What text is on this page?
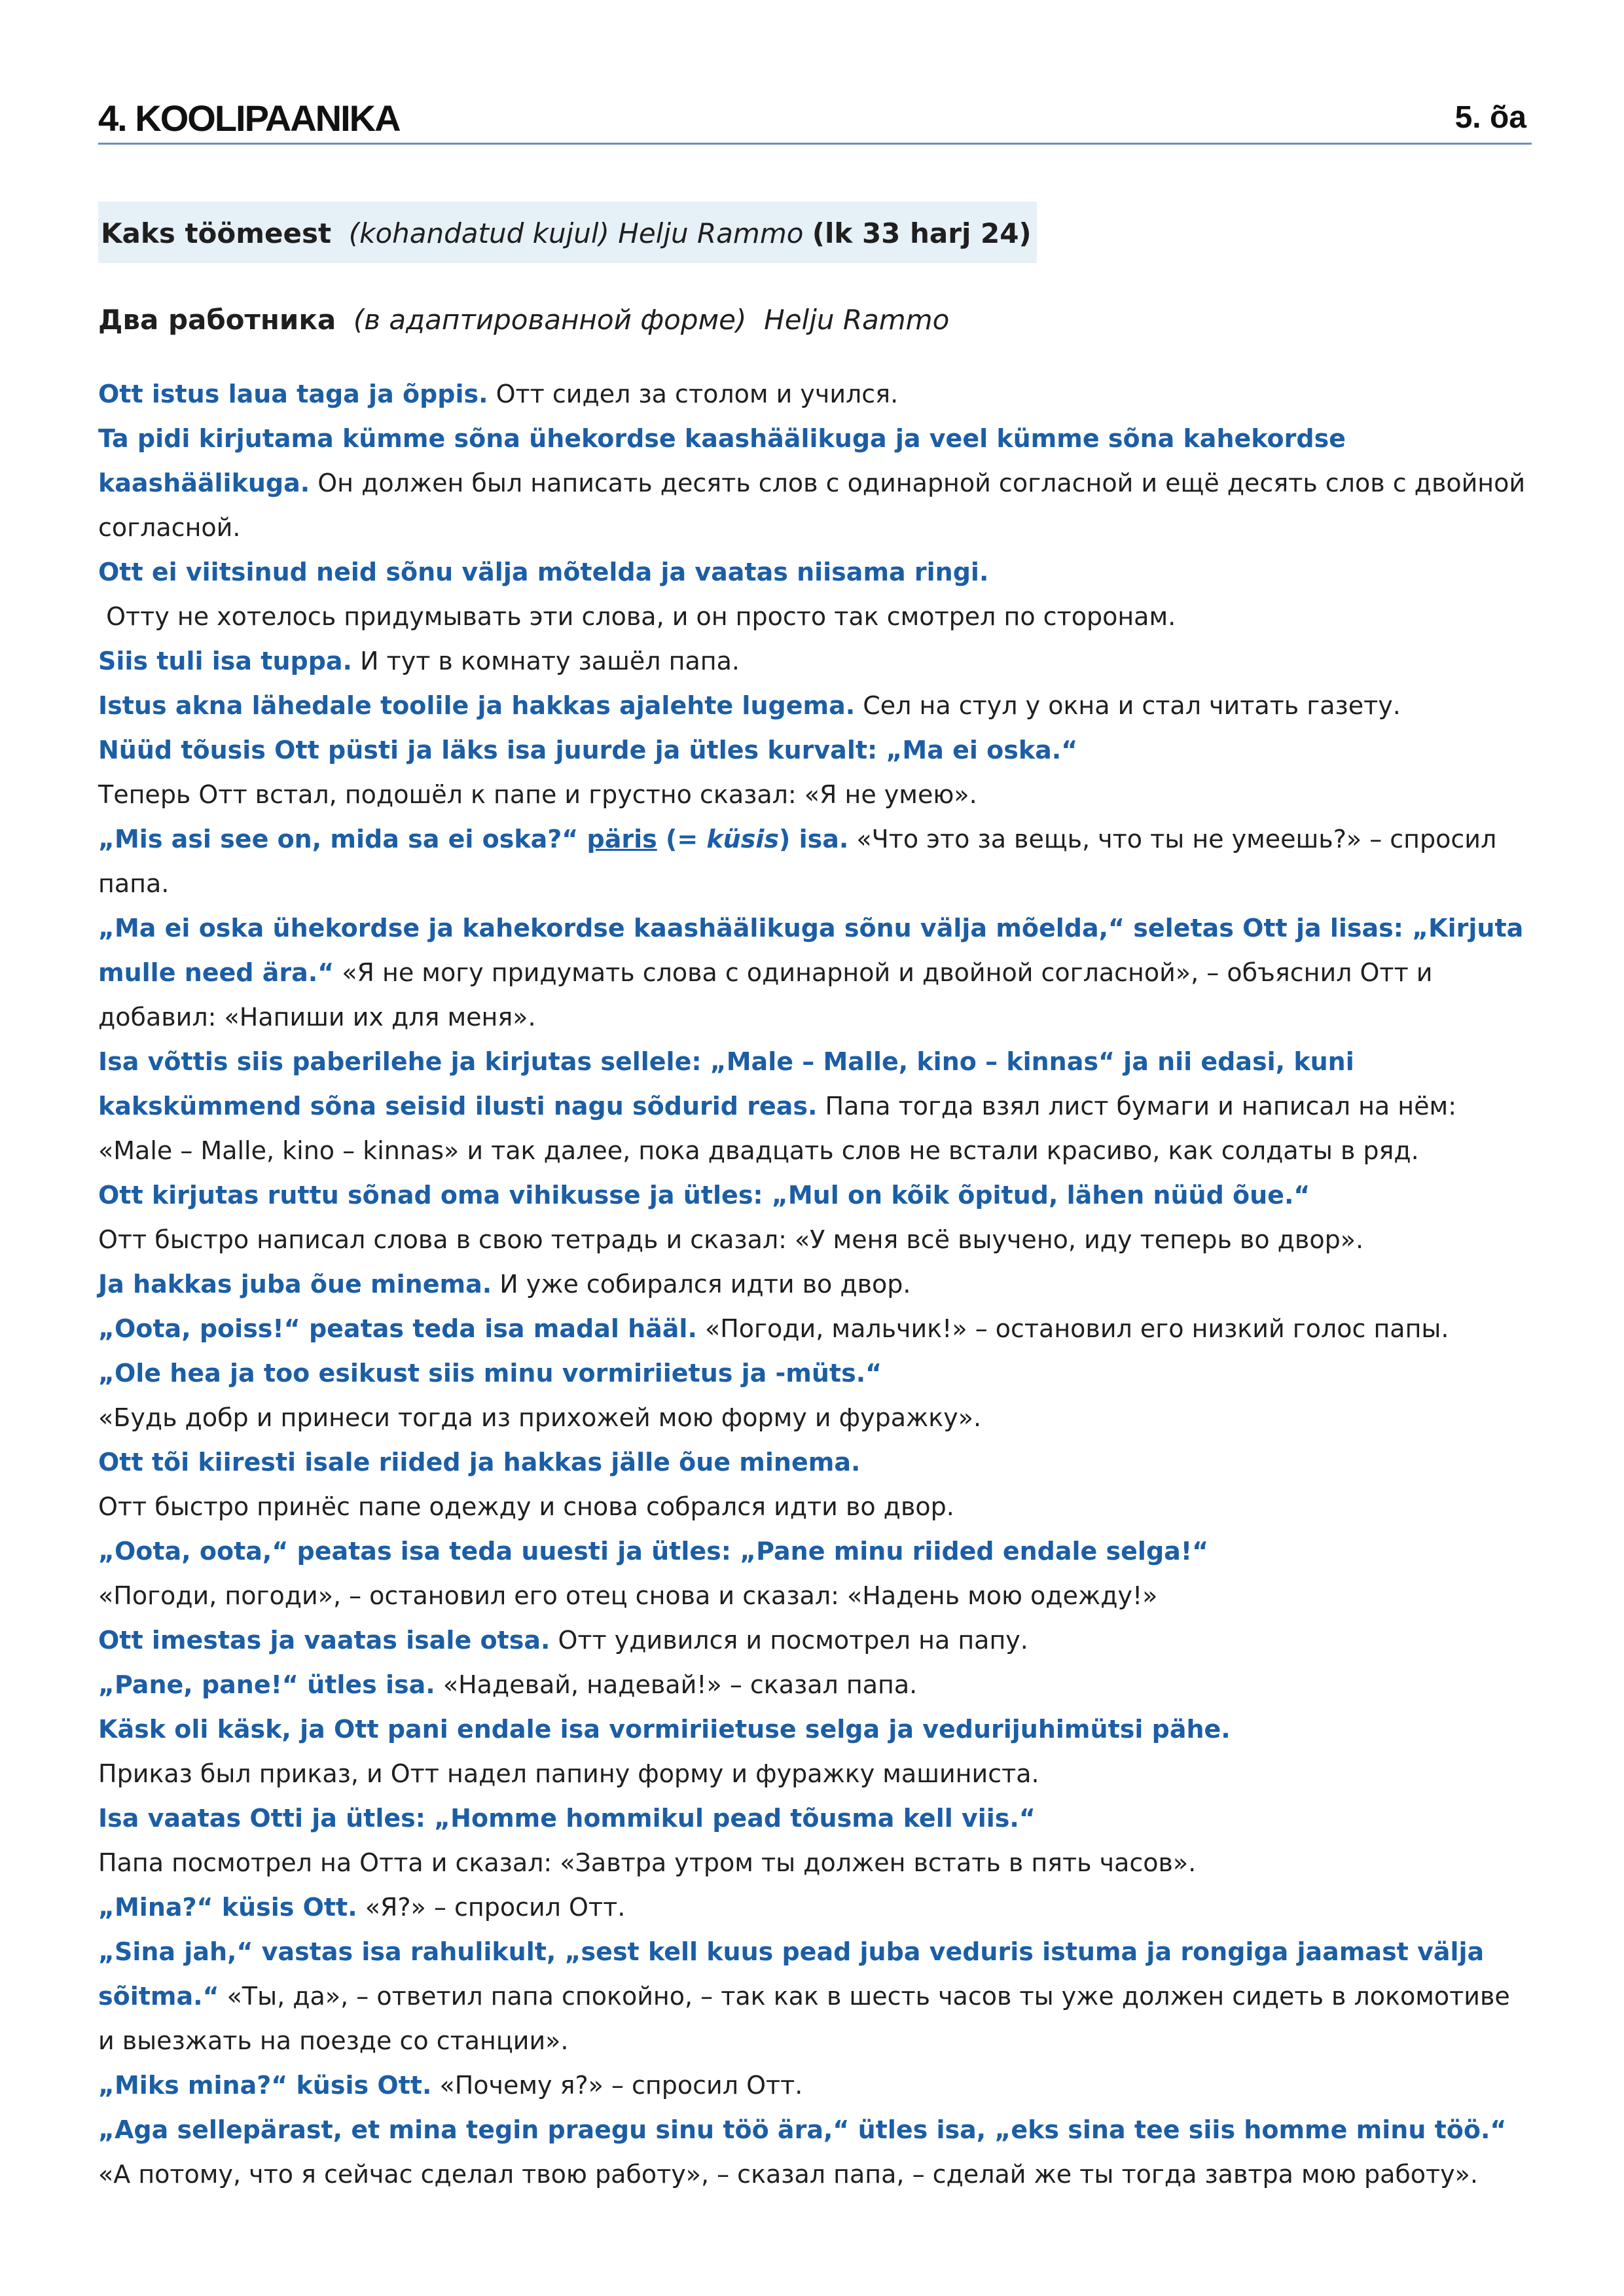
4. KOOLIPAANIKA	5. õa
Kaks töömeest (kohandatud kujul) Helju Rammo (lk 33 harj 24)
Два работника (в адаптированной форме) Helju Rammo

Ott istus laua taga ja õppis. Отт сидел за столом и учился.

Ta pidi kirjutama kümme sõna ühekordse kaashäälikuga ja veel kümme sõna kahekordse kaashäälikuga. Он должен был написать десять слов с одинарной согласной и ещё десять слов с двойной согласной.

Ott ei viitsinud neid sõnu välja mõtelda ja vaatas niisama ringi.
Отту не хотелось придумывать эти слова, и он просто так смотрел по сторонам.

Siis tuli isa tuppa. И тут в комнату зашёл папа.

Istus akna lähedale toolile ja hakkas ajalehte lugema. Сел на стул у окна и стал читать газету.

Nüüd tõusis Ott püsti ja läks isa juurde ja ütles kurvalt: „Ma ei oska.“
Теперь Отт встал, подошёл к папе и грустно сказал: «Я не умею».

„Mis asi see on, mida sa ei oska?“ päris (= küsis) isa. «Что это за вещь, что ты не умеешь?» – спросил папа.

„Ma ei oska ühekordse ja kahekordse kaashäälikuga sõnu välja mõelda,“ seletas Ott ja lisas: „Kirjuta mulle need ära.“ «Я не могу придумать слова с одинарной и двойной согласной», – объяснил Отт и добавил: «Напиши их для меня».

Isa võttis siis paberilehe ja kirjutas sellele: „Male – Malle, kino – kinnas“ ja nii edasi, kuni kakskümmend sõna seisid ilusti nagu sõdurid reas. Папа тогда взял лист бумаги и написал на нём: «Male – Malle, kino – kinnas» и так далее, пока двадцать слов не встали красиво, как солдаты в ряд.

Ott kirjutas ruttu sõnad oma vihikusse ja ütles: „Mul on kõik õpitud, lähen nüüd õue.“
Отт быстро написал слова в свою тетрадь и сказал: «У меня всё выучено, иду теперь во двор».

Ja hakkas juba õue minema. И уже собирался идти во двор.

„Oota, poiss!“ peatas teda isa madal hääl. «Погоди, мальчик!» – остановил его низкий голос папы.

„Ole hea ja too esikust siis minu vormiriietus ja -müts.“
«Будь добр и принеси тогда из прихожей мою форму и фуражку».

Ott tõi kiiresti isale riided ja hakkas jälle õue minema.
Отт быстро принёс папе одежду и снова собрался идти во двор.

„Oota, oota,“ peatas isa teda uuesti ja ütles: „Pane minu riided endale selga!“
«Погоди, погоди», – остановил его отец снова и сказал: «Надень мою одежду!»

Ott imestas ja vaatas isale otsa. Отт удивился и посмотрел на папу.

„Pane, pane!“ ütles isa. «Надевай, надевай!» – сказал папа.

Käsk oli käsk, ja Ott pani endale isa vormiriietuse selga ja vedurijuhimütsi pähe.
Приказ был приказ, и Отт надел папину форму и фуражку машиниста.

Isa vaatas Otti ja ütles: „Homme hommikul pead tõusma kell viis.“
Папа посмотрел на Отта и сказал: «Завтра утром ты должен встать в пять часов».

„Mina?“ küsis Ott. «Я?» – спросил Отт.

„Sina jah,“ vastas isa rahulikult, „sest kell kuus pead juba veduris istuma ja rongiga jaamast välja sõitma.“ «Ты, да», – ответил папа спокойно, – так как в шесть часов ты уже должен сидеть в локомотиве и выезжать на поезде со станции».

„Miks mina?“ küsis Ott. «Почему я?» – спросил Отт.

„Aga sellepärast, et mina tegin praegu sinu töö ära,“ ütles isa, „eks sina tee siis homme minu töö.“
«А потому, что я сейчас сделал твою работу», – сказал папа, – сделай же ты тогда завтра мою работу».
